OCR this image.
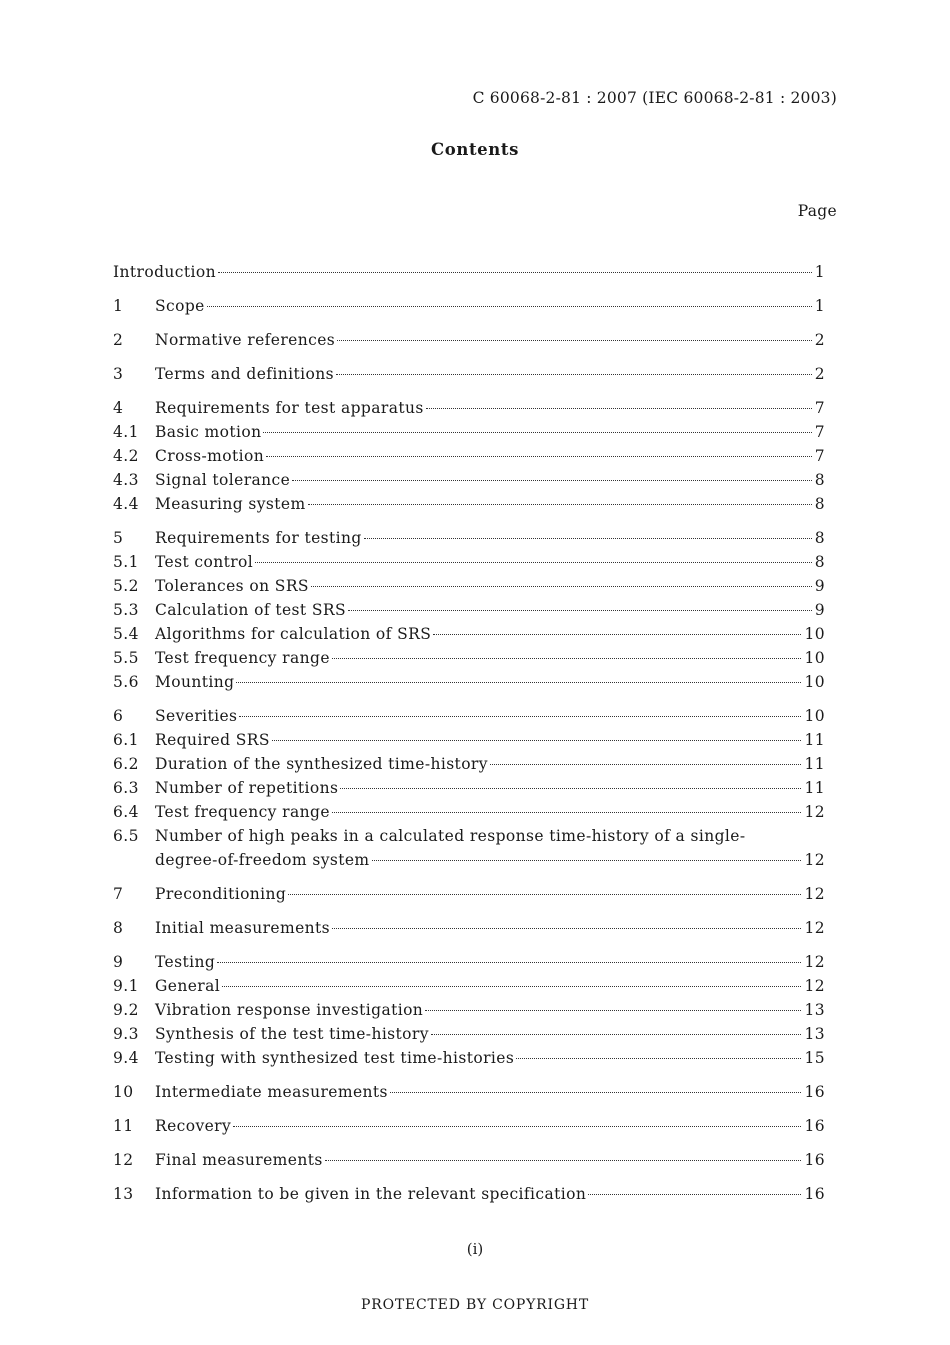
C 60068-2-81 : 2007 (IEC 60068-2-81 : 2003)
Contents
Page
Introduction	1
1	Scope	1
2	Normative references	2
3	Terms and definitions	2
4	Requirements for test apparatus	7
4.1	Basic motion	7
4.2	Cross-motion	7
4.3	Signal tolerance	8
4.4	Measuring system	8
5	Requirements for testing	8
5.1	Test control	8
5.2	Tolerances on SRS	9
5.3	Calculation of test SRS	9
5.4	Algorithms for calculation of SRS	10
5.5	Test frequency range	10
5.6	Mounting	10
6	Severities	10
6.1	Required SRS	11
6.2	Duration of the synthesized time-history	11
6.3	Number of repetitions	11
6.4	Test frequency range	12
6.5	Number of high peaks in a calculated response time-history of a single-
degree-of-freedom system	12
7	Preconditioning	12
8	Initial measurements	12
9	Testing	12
9.1	General	12
9.2	Vibration response investigation	13
9.3	Synthesis of the test time-history	13
9.4	Testing with synthesized test time-histories	15
10	Intermediate measurements	16
11	Recovery	16
12	Final measurements	16
13	Information to be given in the relevant specification	16
(i)
PROTECTED BY COPYRIGHT
